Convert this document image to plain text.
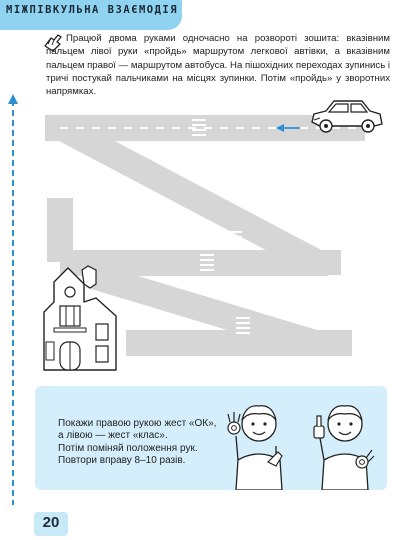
МІЖПІВКУЛЬНА ВЗАЄМОДІЯ

Працюй двома руками одночасно на розвороті зошита: вказівним пальцем лівої руки «пройдь» маршрутом легкової автівки, а вказівним пальцем правої — маршрутом автобуса. На пішохідних переходах зупинись і тричі постукай пальчиками на місцях зупинки. Потім «пройдь» у зворотних напрямках.

Покажи правою рукою жест «ОК»,
а лівою — жест «клас».
Потім поміняй положення рук.
Повтори вправу 8–10 разів.
20
